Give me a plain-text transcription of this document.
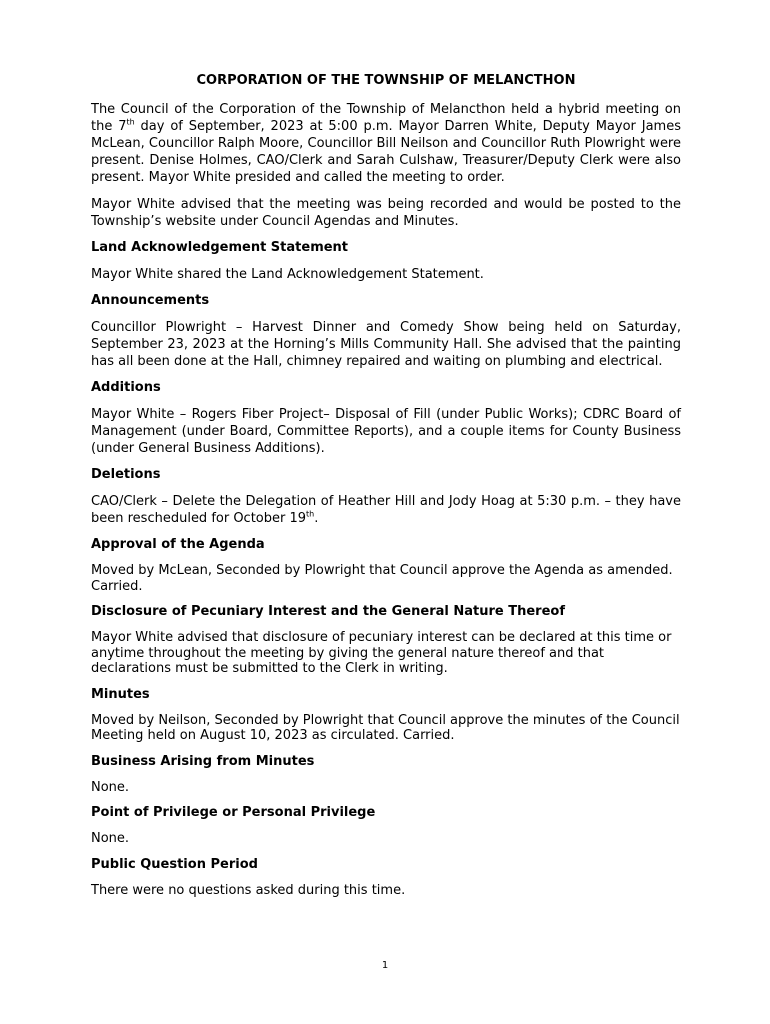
CORPORATION OF THE TOWNSHIP OF MELANCTHON

The Council of the Corporation of the Township of Melancthon held a hybrid meeting on the 7th day of September, 2023 at 5:00 p.m. Mayor Darren White, Deputy Mayor James McLean, Councillor Ralph Moore, Councillor Bill Neilson and Councillor Ruth Plowright were present. Denise Holmes, CAO/Clerk and Sarah Culshaw, Treasurer/Deputy Clerk were also present. Mayor White presided and called the meeting to order.

Mayor White advised that the meeting was being recorded and would be posted to the Township’s website under Council Agendas and Minutes.

Land Acknowledgement Statement

Mayor White shared the Land Acknowledgement Statement.

Announcements

Councillor Plowright – Harvest Dinner and Comedy Show being held on Saturday, September 23, 2023 at the Horning’s Mills Community Hall. She advised that the painting has all been done at the Hall, chimney repaired and waiting on plumbing and electrical.

Additions

Mayor White – Rogers Fiber Project– Disposal of Fill (under Public Works); CDRC Board of Management (under Board, Committee Reports), and a couple items for County Business (under General Business Additions).

Deletions

CAO/Clerk – Delete the Delegation of Heather Hill and Jody Hoag at 5:30 p.m. – they have been rescheduled for October 19th.

Approval of the Agenda

Moved by McLean, Seconded by Plowright that Council approve the Agenda as amended. Carried.

Disclosure of Pecuniary Interest and the General Nature Thereof

Mayor White advised that disclosure of pecuniary interest can be declared at this time or anytime throughout the meeting by giving the general nature thereof and that declarations must be submitted to the Clerk in writing.

Minutes

Moved by Neilson, Seconded by Plowright that Council approve the minutes of the Council Meeting held on August 10, 2023 as circulated. Carried.

Business Arising from Minutes

None.

Point of Privilege or Personal Privilege

None.

Public Question Period

There were no questions asked during this time.

1
